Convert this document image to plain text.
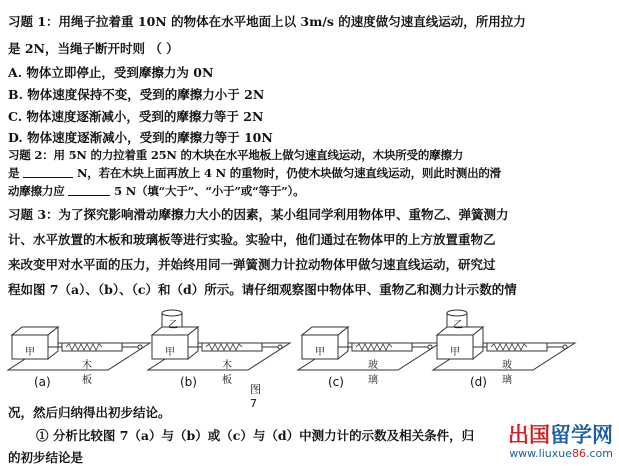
习题 1：用绳子拉着重 10N 的物体在水平地面上以 3m/s 的速度做匀速直线运动，所用拉力
是 2N，当绳子断开时则 （ ）
A. 物体立即停止，受到摩擦力为 0N
B. 物体速度保持不变，受到的摩擦力小于 2N
C. 物体速度逐渐减小，受到的摩擦力等于 2N
D. 物体速度逐渐减小，受到的摩擦力等于 10N
习题 2：用 5N 的力拉着重 25N 的木块在水平地板上做匀速直线运动，木块所受的摩擦力
是	N，若在木块上面再放上 4 N 的重物时，仍使木块做匀速直线运动，则此时测出的滑
动摩擦力应	5 N（填“大于”、“小于”或“等于”）。
习题 3：为了探究影响滑动摩擦力大小的因素，某小组同学利用物体甲、重物乙、弹簧测力
计、水平放置的木板和玻璃板等进行实验。实验中，他们通过在物体甲的上方放置重物乙
来改变甲对水平面的压力，并始终用同一弹簧测力计拉动物体甲做匀速直线运动，研究过
程如图 7（a）、（b）、（c）和（d）所示。请仔细观察图中物体甲、重物乙和测力计示数的情
甲
木板
(a)
乙
甲
木板
(b)
图 7
甲
玻璃
(c)
乙
甲
玻璃
(d)
况，然后归纳得出初步结论。
① 分析比较图 7（a）与（b）或（c）与（d）中测力计的示数及相关条件，归
的初步结论是
出国留学网
www.liuxue86.com
